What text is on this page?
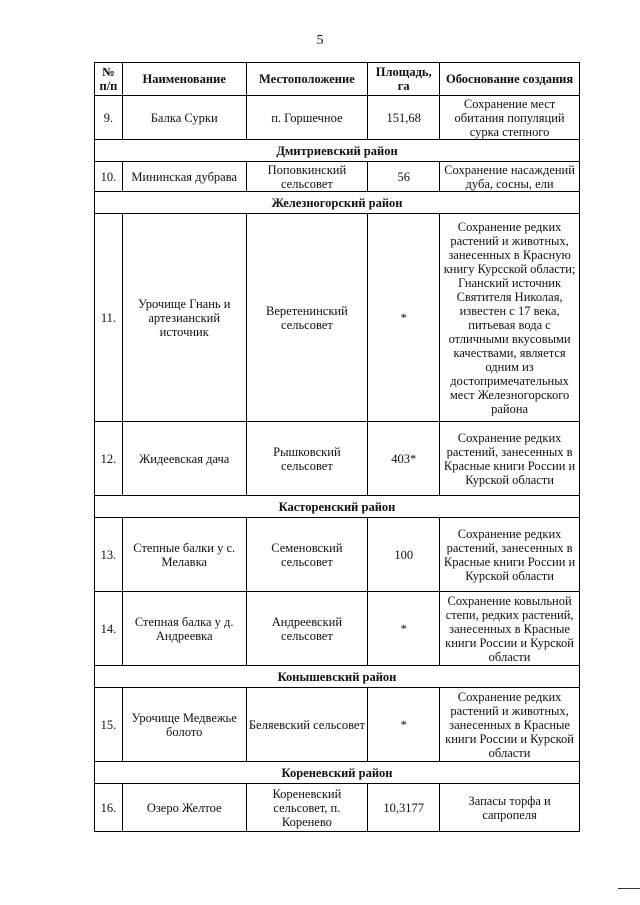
5
№ п/п	Наименование	Местоположение	Площадь, га	Обоснование создания
9.	Балка Сурки	п. Горшечное	151,68	Сохранение мест обитания популяций сурка степного
Дмитриевский район				
10.	Мининская дубрава	Поповкинский сельсовет	56	Сохранение насаждений дуба, сосны, ели
Железногорский район				
11.	Урочище Гнань и артезианский источник	Веретенинский сельсовет	*	Сохранение редких растений и животных, занесенных в Красную книгу Курсской области; Гнанский источник Святителя Николая, известен с 17 века, питьевая вода с отличными вкусовыми качествами, является одним из достопримечательных мест Железногорского района
12.	Жидеевская дача	Рышковский сельсовет	403*	Сохранение редких растений, занесенных в Красные книги России и Курской области
Касторенский район				
13.	Степные балки у с. Мелавка	Семеновский сельсовет	100	Сохранение редких растений, занесенных в Красные книги России и Курской области
14.	Степная балка у д. Андреевка	Андреевский сельсовет	*	Сохранение ковыльной степи, редких растений, занесенных в Красные книги России и Курской области
Конышевский район				
15.	Урочище Медвежье болото	Беляевский сельсовет	*	Сохранение редких растений и животных, занесенных в Красные книги России и Курской области
Кореневский район				
16.	Озеро Желтое	Кореневский сельсовет, п. Коренево	10,3177	Запасы торфа и сапропеля
